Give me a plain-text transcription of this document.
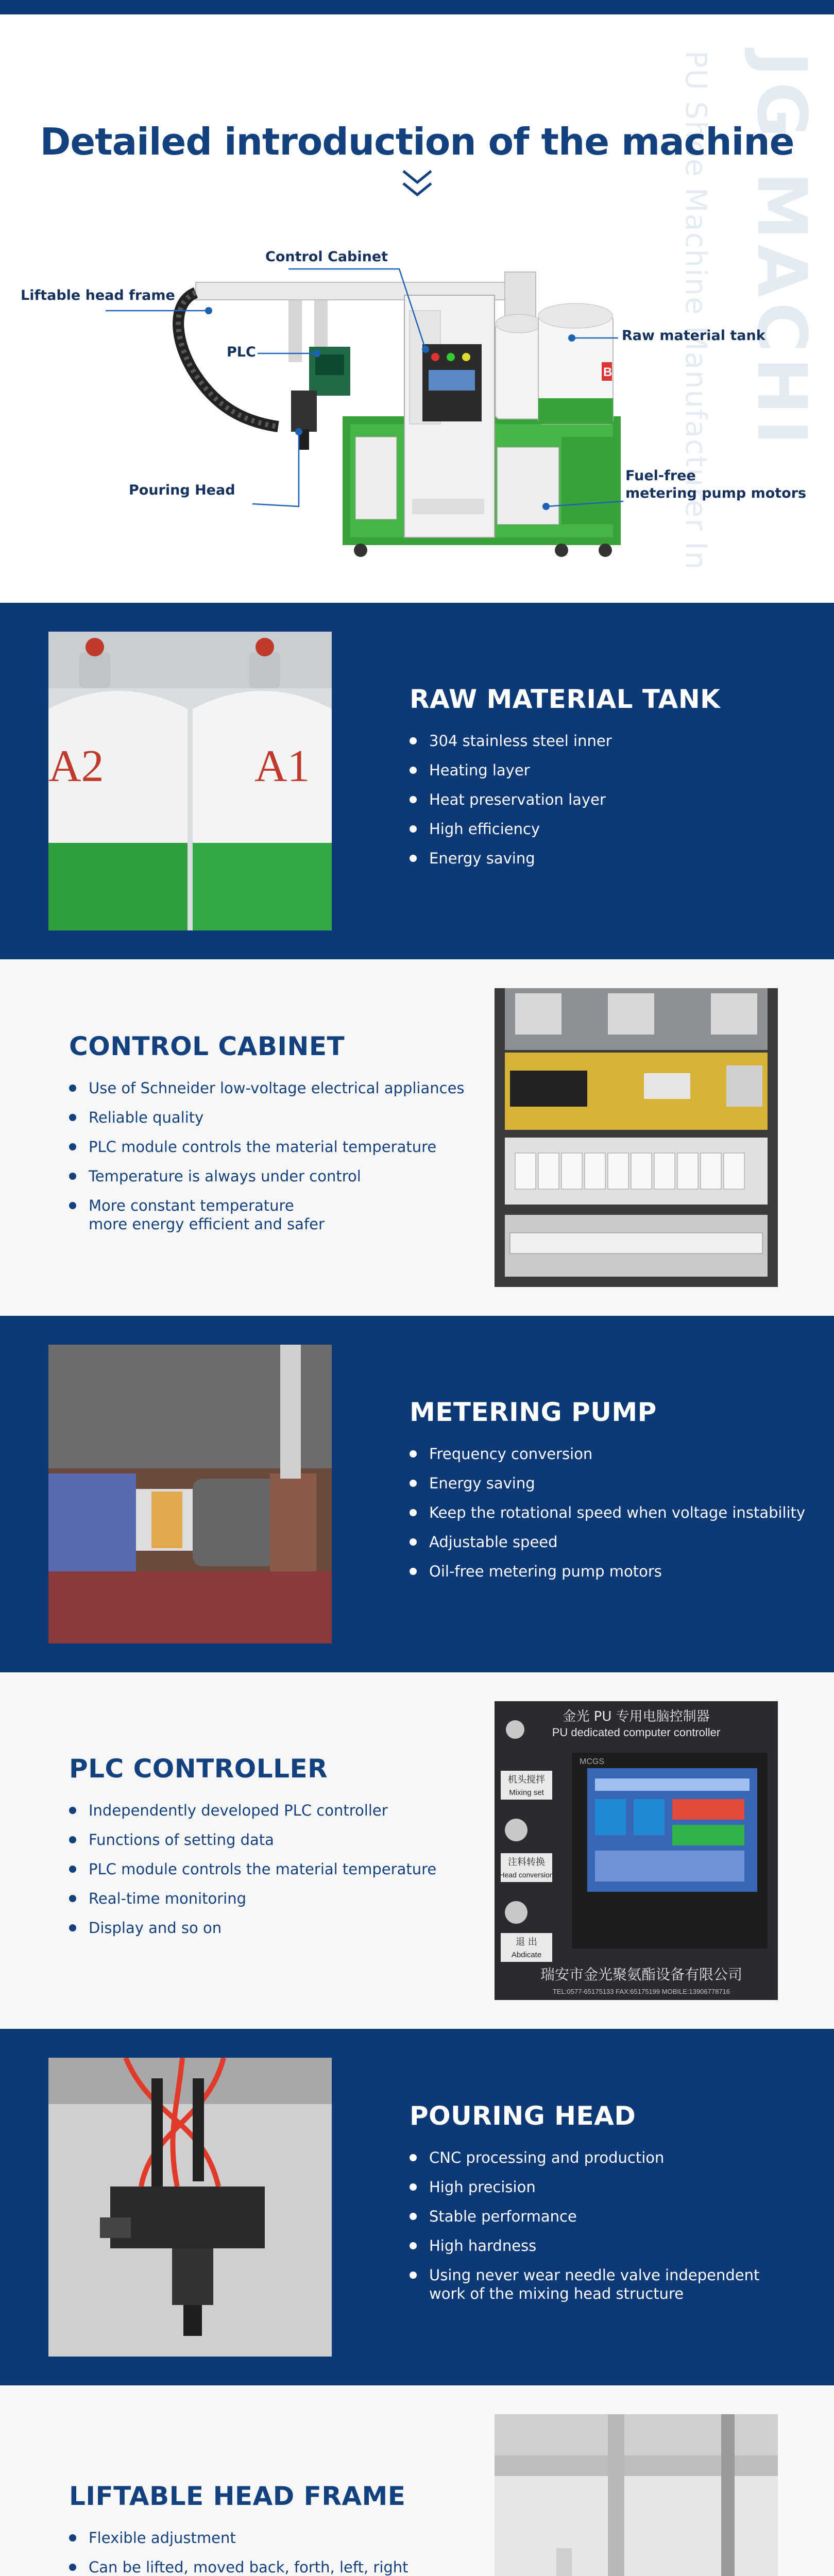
PU Shoe Machine Manufacturer In JG MACHI
Detailed introduction of the machine
B
Control Cabinet
Liftable head frame
PLC
Raw material tank
Pouring Head
Fuel-free
metering pump motors
A2	A1
RAW MATERIAL TANK
304 stainless steel inner
Heating layer
Heat preservation layer
High efficiency
Energy saving
CONTROL CABINET
Use of Schneider low-voltage electrical appliances
Reliable quality
PLC module controls the material temperature
Temperature is always under control
More constant temperature
more energy efficient and safer
METERING PUMP
Frequency conversion
Energy saving
Keep the rotational speed when voltage instability
Adjustable speed
Oil-free metering pump motors
PLC CONTROLLER
Independently developed PLC controller
Functions of setting data
PLC module controls the material temperature
Real-time monitoring
Display and so on
金光 PU 专用电脑控制器
PU dedicated computer controller
MCGS
机头搅拌
Mixing set
注料转换
Head conversion
退 出
Abdicate
瑞安市金光聚氨酯设备有限公司
TEL:0577-65175133 FAX:65175199 MOBILE:13906778716
POURING HEAD
CNC processing and production
High precision
Stable performance
High hardness
Using never wear needle valve independent
work of the mixing head structure
LIFTABLE HEAD FRAME
Flexible adjustment
Can be lifted, moved back, forth, left, right
